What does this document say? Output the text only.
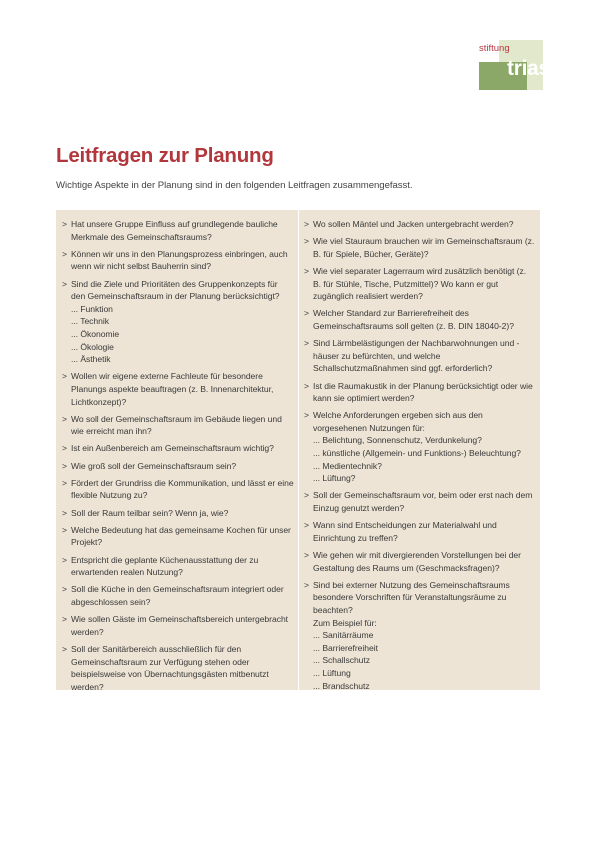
stiftung
trias
Leitfragen zur Planung

Wichtige Aspekte in der Planung sind in den folgenden Leitfragen zusammengefasst.

> Hat unsere Gruppe Einfluss auf grundlegende bauliche Merkmale des Gemeinschaftsraums?
> Können wir uns in den Planungsprozess einbringen, auch wenn wir nicht selbst Bauherrin sind?
> Sind die Ziele und Prioritäten des Gruppenkonzepts für den Gemeinschaftsraum in der Planung berücksichtigt?
... Funktion
... Technik
... Ökonomie
... Ökologie
... Ästhetik
> Wollen wir eigene externe Fachleute für besondere Planungs aspekte beauftragen (z. B. Innenarchitektur, Lichtkonzept)?
> Wo soll der Gemeinschaftsraum im Gebäude liegen und wie erreicht man ihn?
> Ist ein Außenbereich am Gemeinschaftsraum wichtig?
> Wie groß soll der Gemeinschaftsraum sein?
> Fördert der Grundriss die Kommunikation, und lässt er eine flexible Nutzung zu?
> Soll der Raum teilbar sein? Wenn ja, wie?
> Welche Bedeutung hat das gemeinsame Kochen für unser Projekt?
> Entspricht die geplante Küchenausstattung der zu erwartenden realen Nutzung?
> Soll die Küche in den Gemeinschaftsraum integriert oder abgeschlossen sein?
> Wie sollen Gäste im Gemeinschaftsbereich untergebracht werden?
> Soll der Sanitärbereich ausschließlich für den Gemeinschaftsraum zur Verfügung stehen oder beispielsweise von Übernachtungsgästen mitbenutzt werden?
> Wo sollen Mäntel und Jacken untergebracht werden?
> Wie viel Stauraum brauchen wir im Gemeinschaftsraum (z. B. für Spiele, Bücher, Geräte)?
> Wie viel separater Lagerraum wird zusätzlich benötigt (z. B. für Stühle, Tische, Putzmittel)? Wo kann er gut zugänglich realisiert werden?
> Welcher Standard zur Barrierefreiheit des Gemeinschaftsraums soll gelten (z. B. DIN 18040-2)?
> Sind Lärmbelästigungen der Nachbarwohnungen und -häuser zu befürchten, und welche Schallschutzmaßnahmen sind ggf. erforderlich?
> Ist die Raumakustik in der Planung berücksichtigt oder wie kann sie optimiert werden?
> Welche Anforderungen ergeben sich aus den vorgesehenen Nutzungen für:
... Belichtung, Sonnenschutz, Verdunkelung?
... künstliche (Allgemein- und Funktions-) Beleuchtung?
... Medientechnik?
... Lüftung?
> Soll der Gemeinschaftsraum vor, beim oder erst nach dem Einzug genutzt werden?
> Wann sind Entscheidungen zur Materialwahl und Einrichtung zu treffen?
> Wie gehen wir mit divergierenden Vorstellungen bei der Gestaltung des Raums um (Geschmacksfragen)?
> Sind bei externer Nutzung des Gemeinschaftsraums besondere Vorschriften für Veranstaltungsräume zu beachten?
Zum Beispiel für:
... Sanitärräume
... Barrierefreiheit
... Schallschutz
... Lüftung
... Brandschutz
